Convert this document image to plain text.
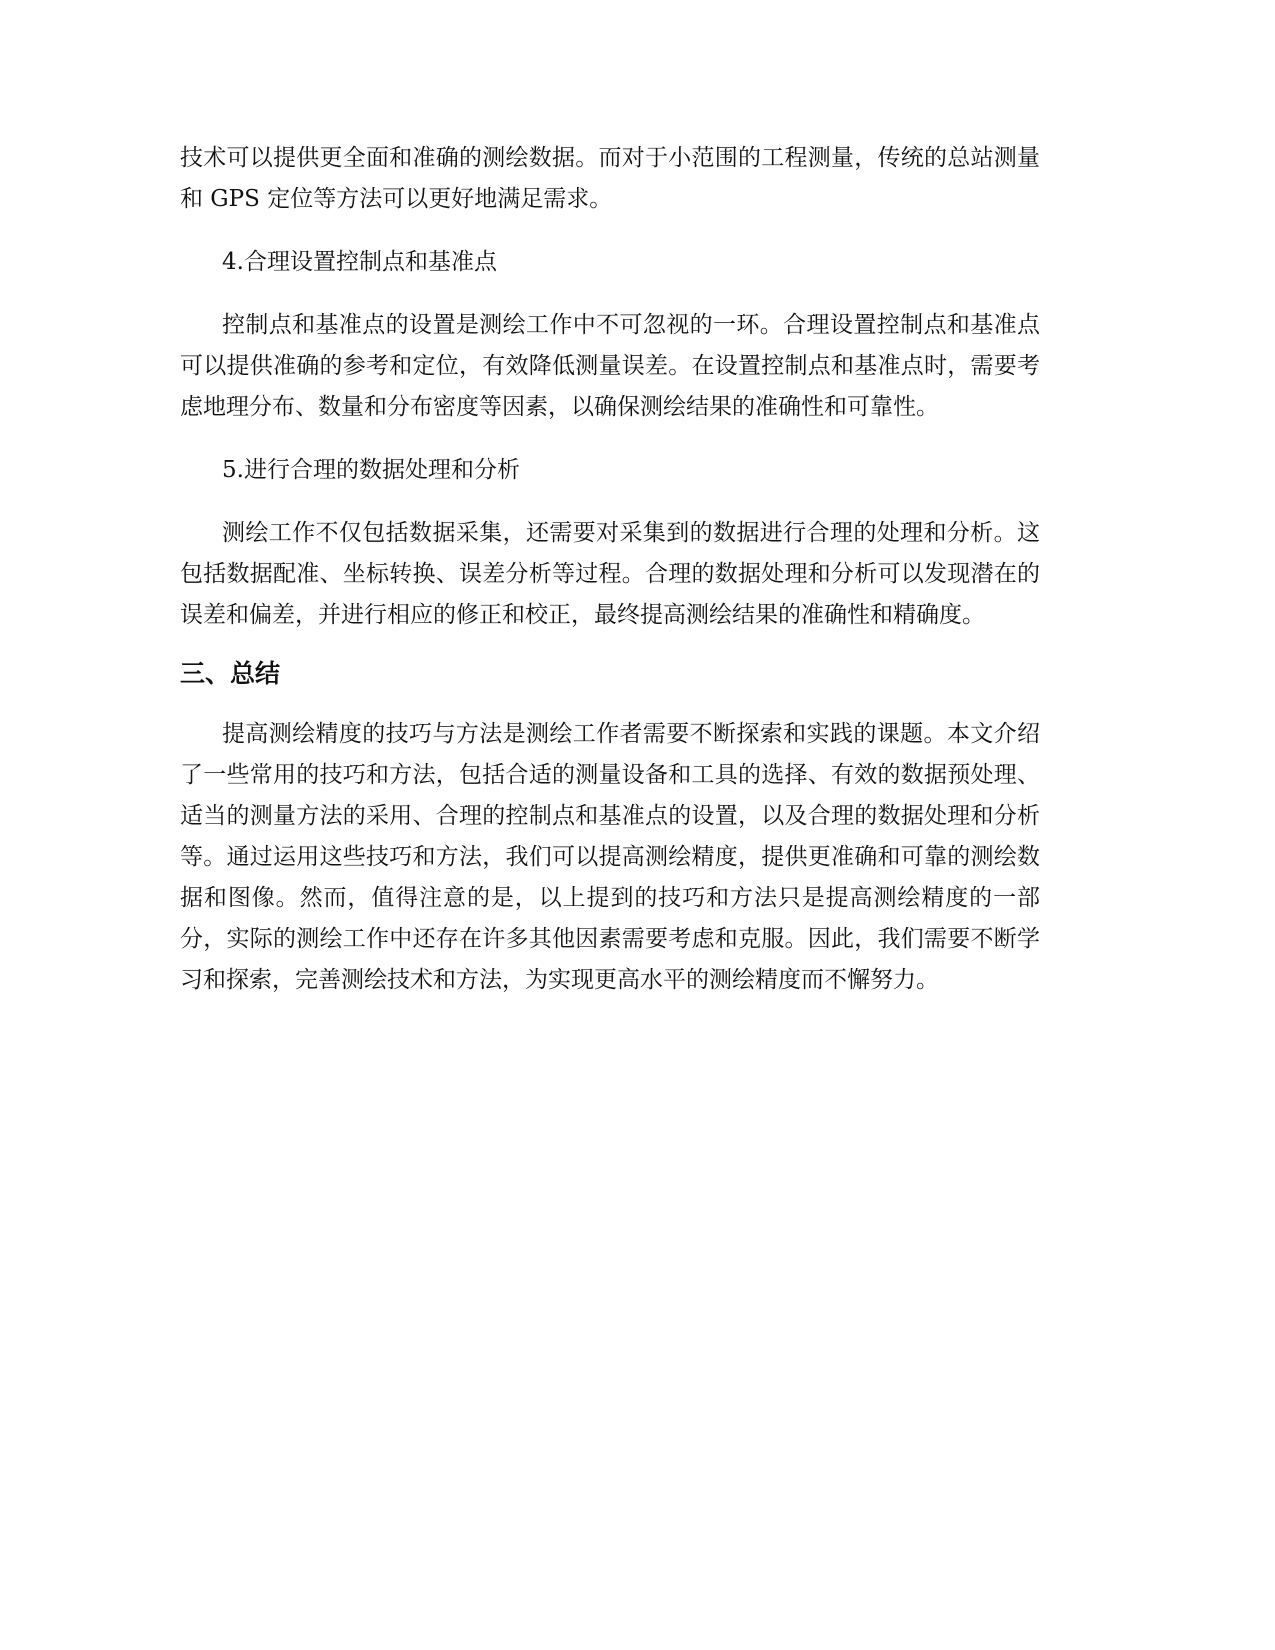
技术可以提供更全面和准确的测绘数据。而对于小范围的工程测量，传统的总站测量和 GPS 定位等方法可以更好地满足需求。

4.合理设置控制点和基准点

控制点和基准点的设置是测绘工作中不可忽视的一环。合理设置控制点和基准点可以提供准确的参考和定位，有效降低测量误差。在设置控制点和基准点时，需要考虑地理分布、数量和分布密度等因素，以确保测绘结果的准确性和可靠性。

5.进行合理的数据处理和分析

测绘工作不仅包括数据采集，还需要对采集到的数据进行合理的处理和分析。这包括数据配准、坐标转换、误差分析等过程。合理的数据处理和分析可以发现潜在的误差和偏差，并进行相应的修正和校正，最终提高测绘结果的准确性和精确度。

三、总结

提高测绘精度的技巧与方法是测绘工作者需要不断探索和实践的课题。本文介绍了一些常用的技巧和方法，包括合适的测量设备和工具的选择、有效的数据预处理、适当的测量方法的采用、合理的控制点和基准点的设置，以及合理的数据处理和分析等。通过运用这些技巧和方法，我们可以提高测绘精度，提供更准确和可靠的测绘数据和图像。然而，值得注意的是，以上提到的技巧和方法只是提高测绘精度的一部分，实际的测绘工作中还存在许多其他因素需要考虑和克服。因此，我们需要不断学习和探索，完善测绘技术和方法，为实现更高水平的测绘精度而不懈努力。
